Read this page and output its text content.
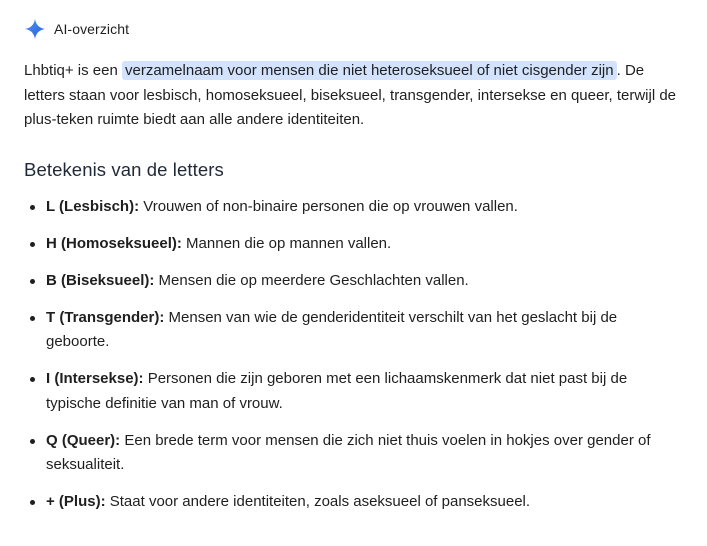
AI-overzicht

Lhbtiq+ is een verzamelnaam voor mensen die niet heteroseksueel of niet cisgender zijn . De letters staan voor lesbisch, homoseksueel, biseksueel, transgender, intersekse en queer, terwijl de plus-teken ruimte biedt aan alle andere identiteiten.

Betekenis van de letters
L (Lesbisch): Vrouwen of non-binaire personen die op vrouwen vallen.
H (Homoseksueel): Mannen die op mannen vallen.
B (Biseksueel): Mensen die op meerdere Geschlachten vallen.
T (Transgender): Mensen van wie de genderidentiteit verschilt van het geslacht bij de geboorte.
I (Intersekse): Personen die zijn geboren met een lichaamskenmerk dat niet past bij de typische definitie van man of vrouw.
Q (Queer): Een brede term voor mensen die zich niet thuis voelen in hokjes over gender of seksualiteit.
+ (Plus): Staat voor andere identiteiten, zoals aseksueel of panseksueel.
